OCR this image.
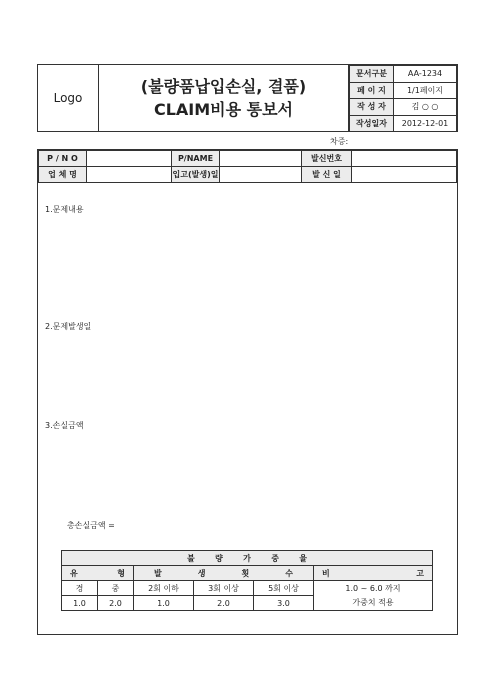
Logo
(불량품납입손실, 결품)
CLAIM비용 통보서
문서구분	AA-1234
페 이 지	1/1페이지
작 성 자	김 ○ ○
작성일자	2012-12-01
차증:
P / N O		P/NAME		발신번호	
업 체 명		입고(발생)일		발 신 일	
1.문제내용
2.문제발생일
3.손실금액
총손실금액 =
불 량 가 중 율					

유 형		발 생 횟 수			비 고

경	중	2회 이하	3회 이상	5회 이상	1.0 ~ 6.0 까지
가중치 적용

1.0	2.0	1.0	2.0	3.0	
